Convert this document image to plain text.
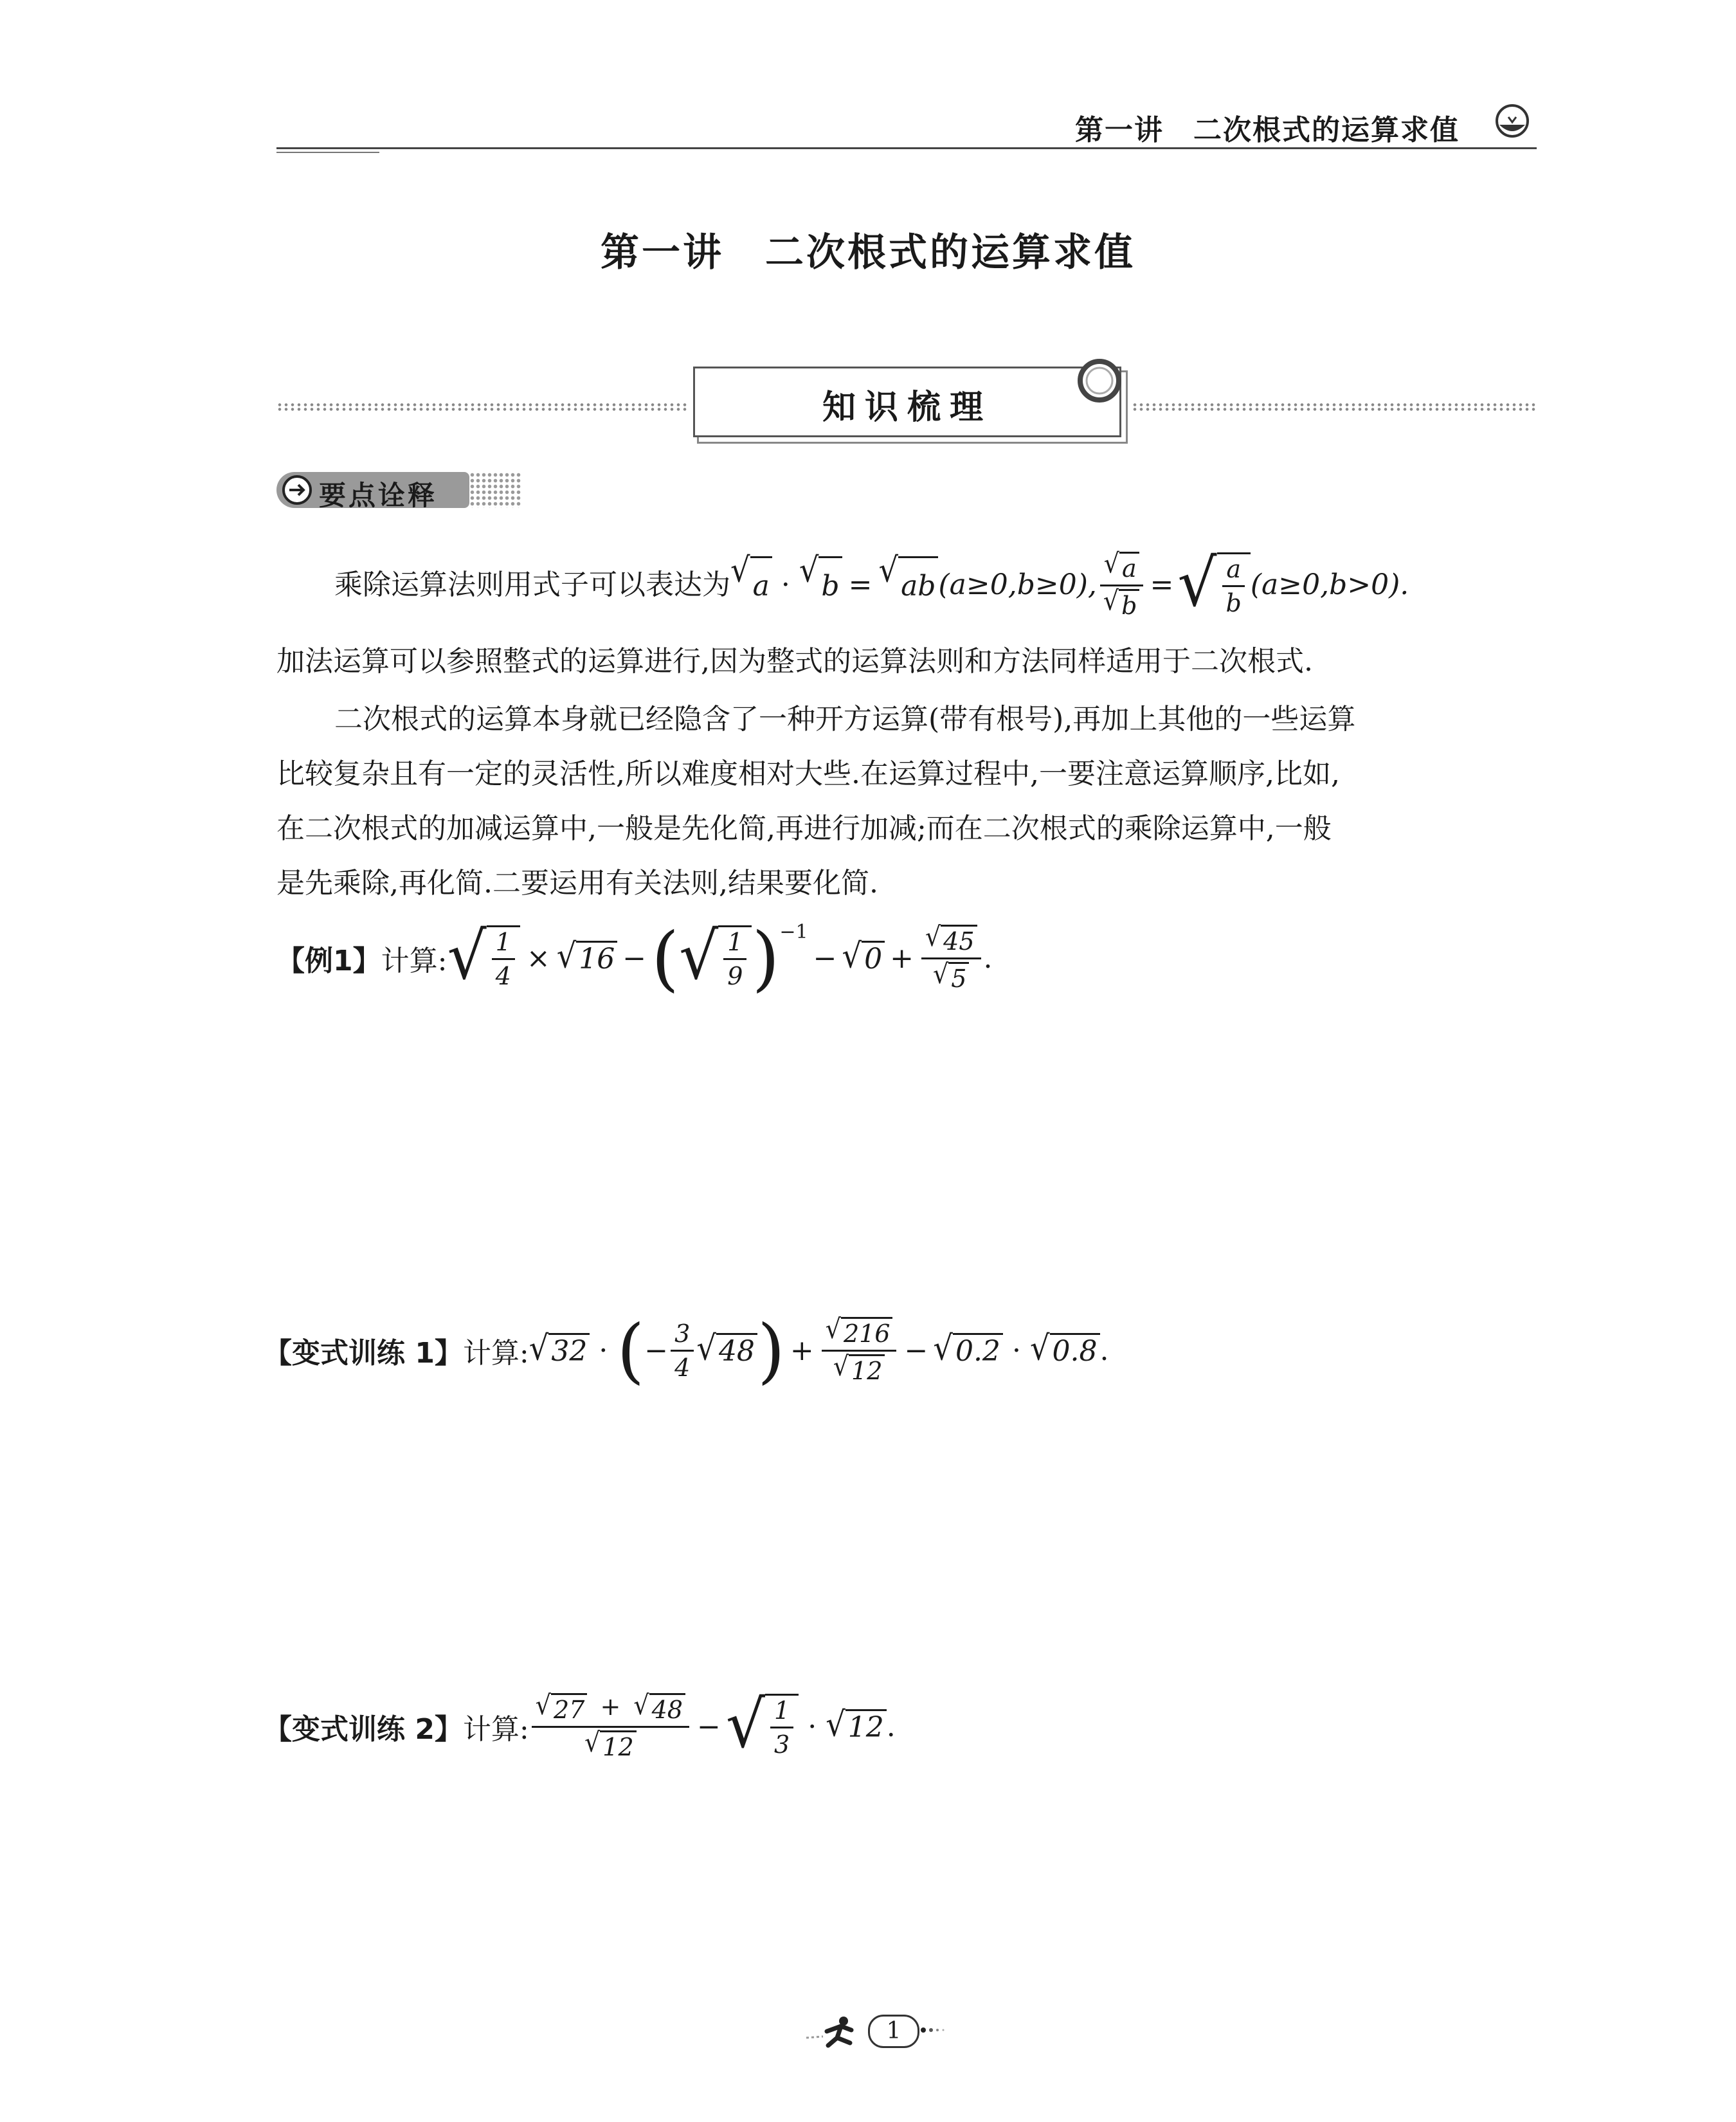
第一讲　二次根式的运算求值
第一讲　二次根式的运算求值
知识梳理
要点诠释
乘除运算法则用式子可以表达为 √ a · √ b = √ ab (a≥0,b≥0), $\frac{√ a}{√ b}$ = √ $\frac{a}{b} (a\ge 0,b>0)$.
加法运算可以参照整式的运算进行,因为整式的运算法则和方法同样适用于二次根式.
二次根式的运算本身就已经隐含了一种开方运算(带有根号),再加上其他的一些运算
比较复杂且有一定的灵活性,所以难度相对大些.在运算过程中,一要注意运算顺序,比如,
在二次根式的加减运算中,一般是先化简,再进行加减;而在二次根式的乘除运算中,一般
是先乘除,再化简.二要运用有关法则,结果要化简.
【例1】 计算: √ $\frac{1}{4}$ × √ 16 − ( √ $\frac{1}{9}$ ) −1
− √ $0 + \frac{√ 45}{√ 5}$ .
【变式训练 1】 计算: √ 32 · ( − $\frac{3}{4}$ √ 48 ) + $\frac{√ 216}{√ 12}$ − √ 0.2 · √ 0.8 .
【变式训练 2】 计算: $\frac{√ 27 + √ 48}{√ 12}$ − √ $\frac{1}{3}$ · √ 12 .
1
